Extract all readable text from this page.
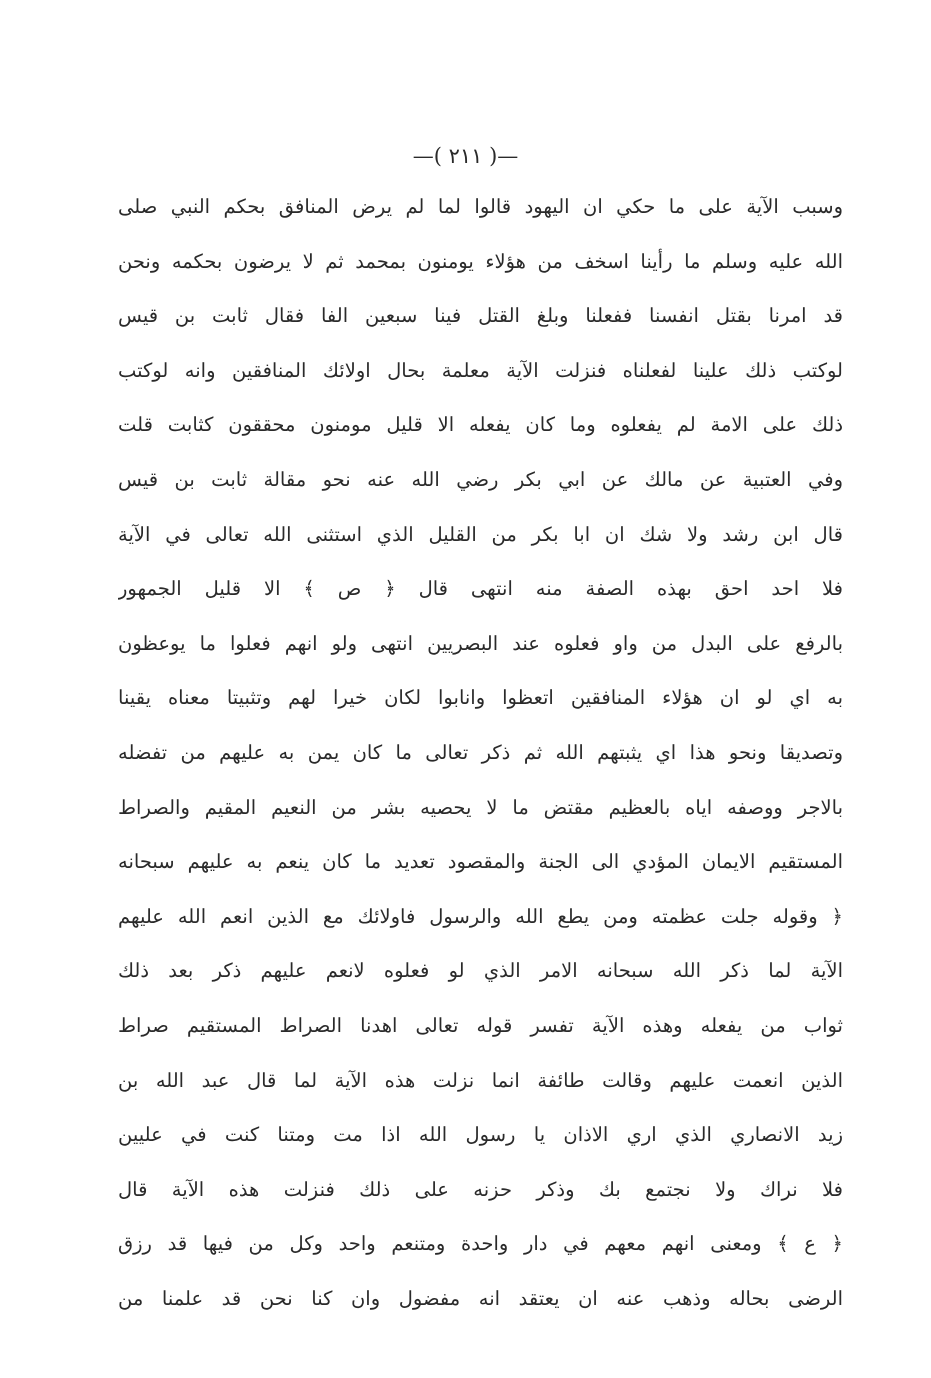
—( ٢١١ )—
وسبب الآية على ما حكي ان اليهود قالوا لما لم يرض المنافق بحكم النبي صلى
الله عليه وسلم ما رأينا اسخف من هؤلاء يومنون بمحمد ثم لا يرضون بحكمه ونحن
قد امرنا بقتل انفسنا ففعلنا وبلغ القتل فينا سبعين الفا فقال ثابت بن قيس
لوكتب ذلك علينا لفعلناه فنزلت الآية معلمة بحال اولائك المنافقين وانه لوكتب
ذلك على الامة لم يفعلوه وما كان يفعله الا قليل مومنون محققون كثابت قلت
وفي العتبية عن مالك عن ابي بكر رضي الله عنه نحو مقالة ثابت بن قيس
قال ابن رشد ولا شك ان ابا بكر من القليل الذي استثنى الله تعالى في الآية
فلا احد احق بهذه الصفة منه انتهى قال ﴿ ص ﴾ الا قليل الجمهور
بالرفع على البدل من واو فعلوه عند البصريين انتهى ولو انهم فعلوا ما يوعظون
به اي لو ان هؤلاء المنافقين اتعظوا وانابوا لكان خيرا لهم وتثبيتا معناه يقينا
وتصديقا ونحو هذا اي يثبتهم الله ثم ذكر تعالى ما كان يمن به عليهم من تفضله
بالاجر ووصفه اياه بالعظيم مقتض ما لا يحصيه بشر من النعيم المقيم والصراط
المستقيم الايمان المؤدي الى الجنة والمقصود تعديد ما كان ينعم به عليهم سبحانه
﴿ وقوله جلت عظمته ومن يطع الله والرسول فاولائك مع الذين انعم الله عليهم
الآية لما ذكر الله سبحانه الامر الذي لو فعلوه لانعم عليهم ذكر بعد ذلك
ثواب من يفعله وهذه الآية تفسر قوله تعالى اهدنا الصراط المستقيم صراط
الذين انعمت عليهم وقالت طائفة انما نزلت هذه الآية لما قال عبد الله بن
زيد الانصاري الذي اري الاذان يا رسول الله اذا مت ومتنا كنت في عليين
فلا نراك ولا نجتمع بك وذكر حزنه على ذلك فنزلت هذه الآية قال
﴿ ع ﴾ ومعنى انهم معهم في دار واحدة ومتنعم واحد وكل من فيها قد رزق
الرضى بحاله وذهب عنه ان يعتقد انه مفضول وان كنا نحن قد علمنا من
